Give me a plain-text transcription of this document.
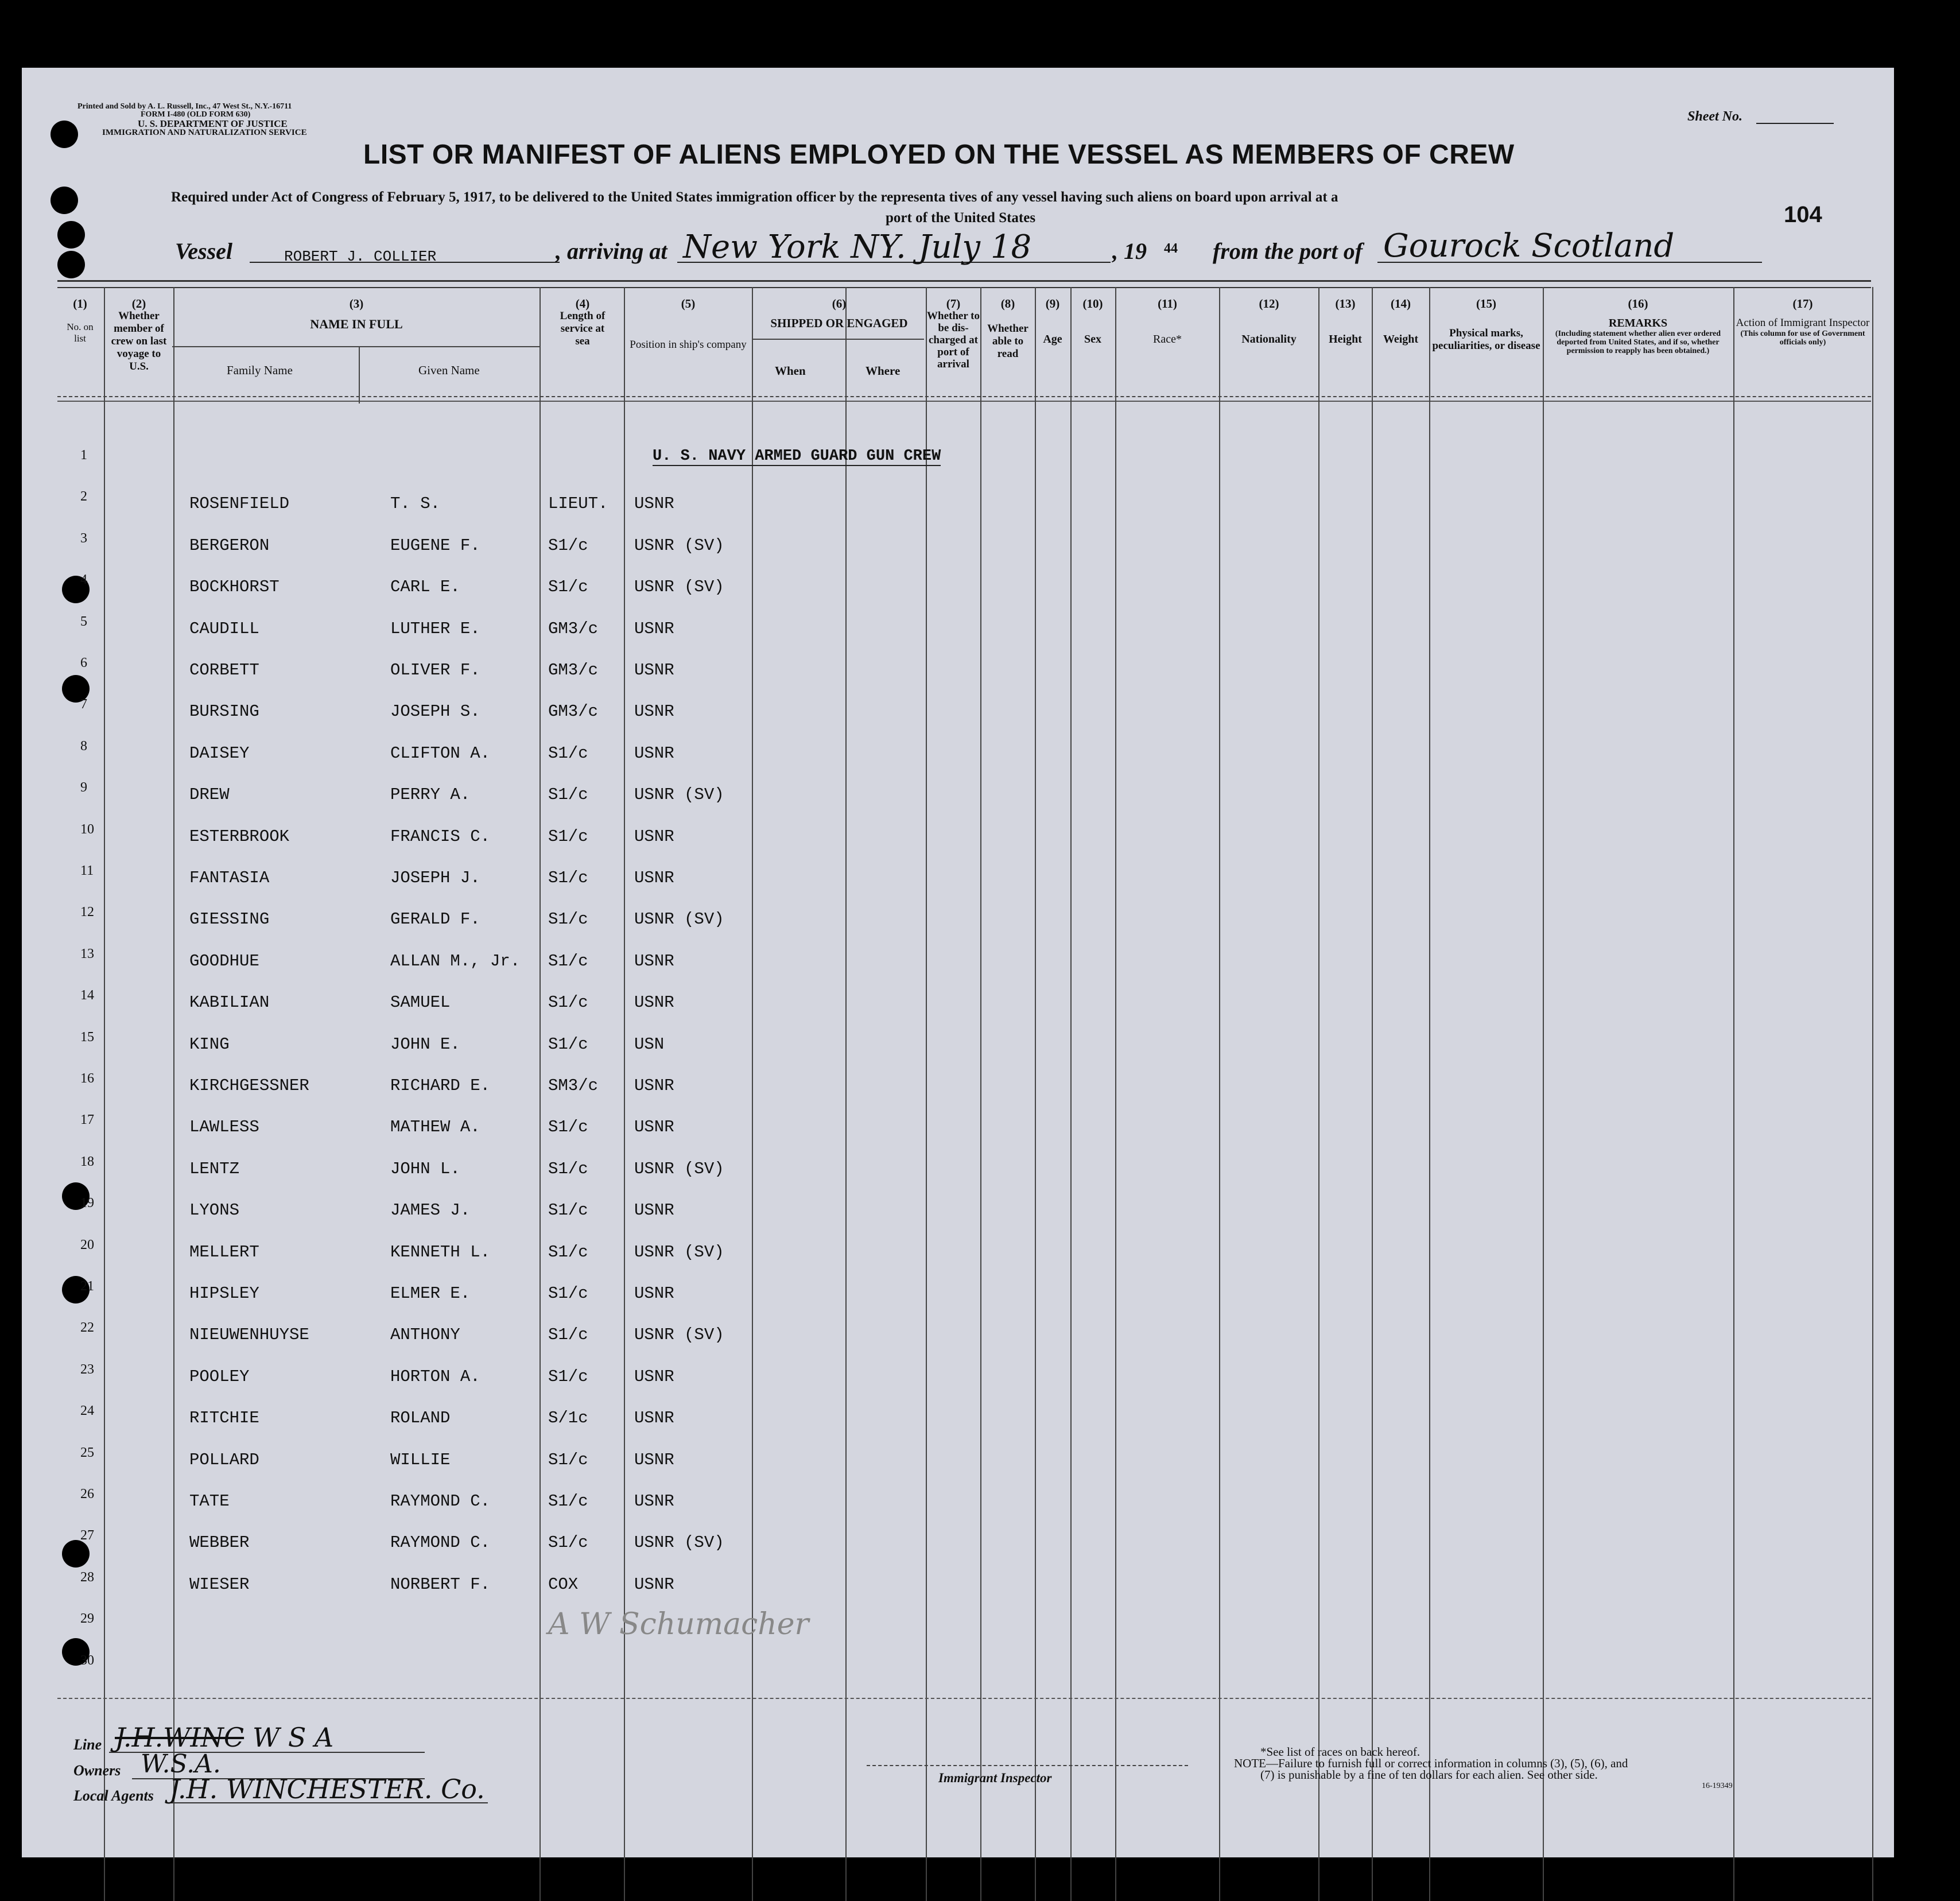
Printed and Sold by A. L. Russell, Inc., 47 West St., N.Y.-16711
FORM I-480 (OLD FORM 630)
U. S. DEPARTMENT OF JUSTICE
IMMIGRATION AND NATURALIZATION SERVICE
Sheet No.
104
LIST OR MANIFEST OF ALIENS EMPLOYED ON THE VESSEL AS MEMBERS OF CREW
Required under Act of Congress of February 5, 1917, to be delivered to the United States immigration officer by the representa tives of any vessel having such aliens on board upon arrival at a
port of the United States
Vessel	ROBERT J. COLLIER	, arriving at New York NY. July 18	, 19 44 from the port of Gourock Scotland
(1)
No. on list
(2)
Whether member of crew on last voyage to U.S.
(3)
NAME IN FULL
Family Name	Given Name
(4)
Length of service at sea
(5)
Position in ship's company
(6)
SHIPPED OR ENGAGED
When	Where
(7)
Whether to be dis-charged at port of arrival
(8)
Whether able to read
(9)
Age
(10)
Sex
(11)
Race*
(12)
Nationality
(13)
Height
(14)
Weight
(15)
Physical marks, peculiarities, or disease
(16)
REMARKS
(Including statement whether alien ever ordered deported from United States, and if so, whether permission to reapply has been obtained.)
(17)
Action of Immigrant Inspector
(This column for use of Government officials only)
U. S. NAVY ARMED GUARD GUN CREW
1
2	ROSENFIELD	T. S.	LIEUT. USNR
3	BERGERON	EUGENE F.	S1/c	USNR (SV)
4	BOCKHORST	CARL E.	S1/c	USNR (SV)
5	CAUDILL	LUTHER E.	GM3/c USNR
6	CORBETT	OLIVER F.	GM3/c USNR
7	BURSING	JOSEPH S.	GM3/c USNR
8	DAISEY	CLIFTON A.	S1/c	USNR
9	DREW	PERRY A.	S1/c	USNR (SV)
10	ESTERBROOK	FRANCIS C.	S1/c	USNR
11	FANTASIA	JOSEPH J.	S1/c	USNR
12	GIESSING	GERALD F.	S1/c	USNR (SV)
13	GOODHUE	ALLAN M., Jr. S1/c	USNR
14	KABILIAN	SAMUEL	S1/c	USNR
15	KING	JOHN E.	S1/c	USN
16	KIRCHGESSNER	RICHARD E.	SM3/c USNR
17	LAWLESS	MATHEW A.	S1/c	USNR
18	LENTZ	JOHN L.	S1/c	USNR (SV)
19	LYONS	JAMES J.	S1/c	USNR
20	MELLERT	KENNETH L.	S1/c	USNR (SV)
21	HIPSLEY	ELMER E.	S1/c	USNR
22	NIEUWENHUYSE	ANTHONY	S1/c	USNR (SV)
23	POOLEY	HORTON A.	S1/c	USNR
24	RITCHIE	ROLAND	S/1c	USNR
25	POLLARD	WILLIE	S1/c	USNR
26	TATE	RAYMOND C.	S1/c	USNR
27	WEBBER	RAYMOND C.	S1/c	USNR (SV)
28	WIESER	NORBERT F.	COX	USNR
29
30
A W Schumacher
Line J.H.WINC W S A
Owners W.S.A.
Local Agents J.H. WINCHESTER. Co.	Immigrant Inspector
*See list of races on back hereof.
NOTE—Failure to furnish full or correct information in columns (3), (5), (6), and
(7) is punishable by a fine of ten dollars for each alien. See other side.
16-19349
